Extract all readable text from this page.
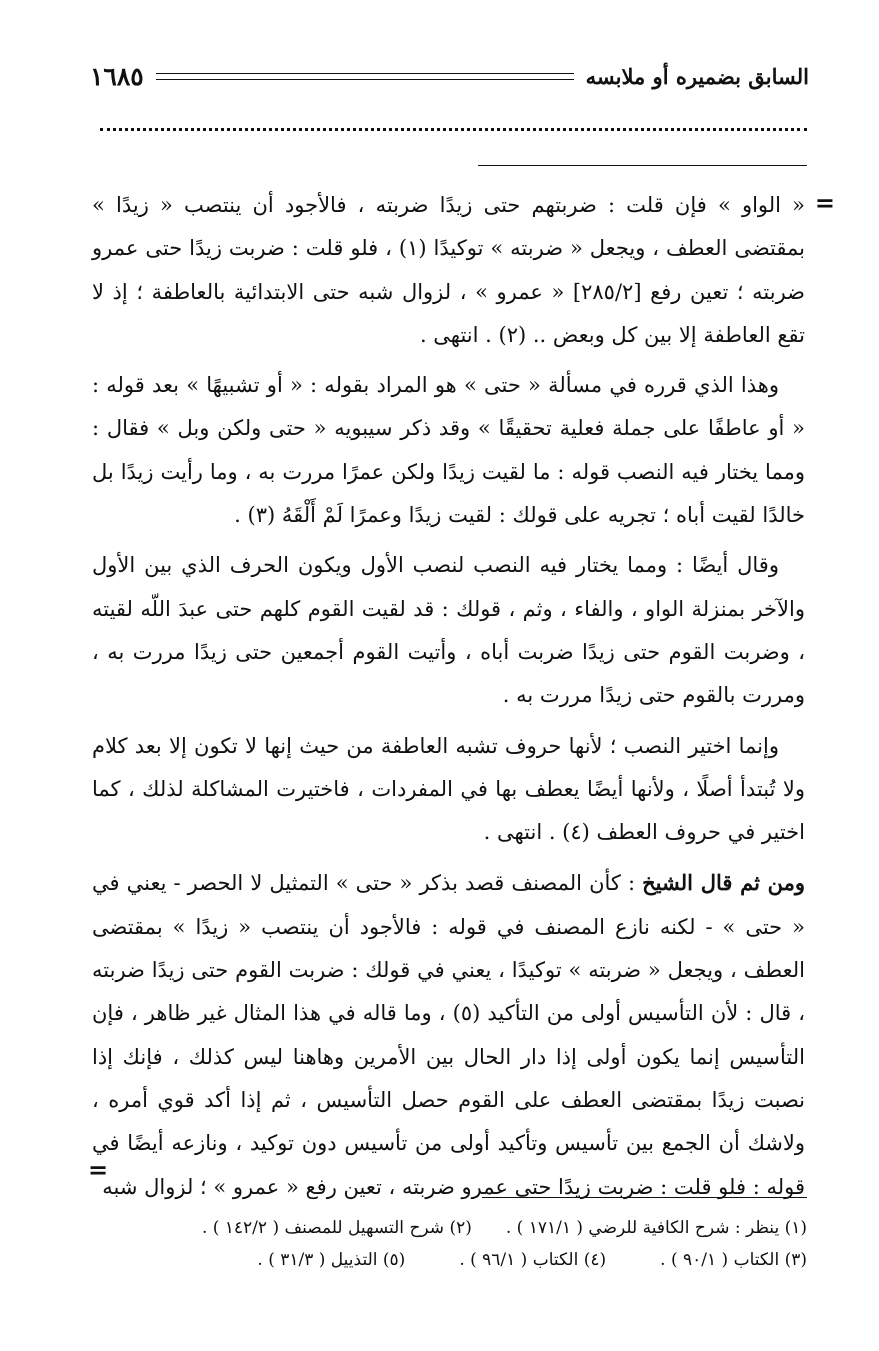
السابق بضميره أو ملابسه
١٦٨٥
=

« الواو » فإن قلت : ضربتهم حتى زيدًا ضربته ، فالأجود أن ينتصب « زيدًا » بمقتضى العطف ، ويجعل « ضربته » توكيدًا (١) ، فلو قلت : ضربت زيدًا حتى عمرو ضربته ؛ تعين رفع [٢٨٥/٢] « عمرو » ، لزوال شبه حتى الابتدائية بالعاطفة ؛ إذ لا تقع العاطفة إلا بين كل وبعض .. (٢) . انتهى .

وهذا الذي قرره في مسألة « حتى » هو المراد بقوله : « أو تشبيهًا » بعد قوله : « أو عاطفًا على جملة فعلية تحقيقًا » وقد ذكر سيبويه « حتى ولكن وبل » فقال : ومما يختار فيه النصب قوله : ما لقيت زيدًا ولكن عمرًا مررت به ، وما رأيت زيدًا بل خالدًا لقيت أباه ؛ تجريه على قولك : لقيت زيدًا وعمرًا لَمْ أَلْقَهُ (٣) .

وقال أيضًا : ومما يختار فيه النصب لنصب الأول ويكون الحرف الذي بين الأول والآخر بمنزلة الواو ، والفاء ، وثم ، قولك : قد لقيت القوم كلهم حتى عبدَ اللّه لقيته ، وضربت القوم حتى زيدًا ضربت أباه ، وأتيت القوم أجمعين حتى زيدًا مررت به ، ومررت بالقوم حتى زيدًا مررت به .

وإنما اختير النصب ؛ لأنها حروف تشبه العاطفة من حيث إنها لا تكون إلا بعد كلام ولا تُبتدأ أصلًا ، ولأنها أيضًا يعطف بها في المفردات ، فاختيرت المشاكلة لذلك ، كما اختير في حروف العطف (٤) . انتهى .

ومن ثم قال الشيخ : كأن المصنف قصد بذكر « حتى » التمثيل لا الحصر - يعني في « حتى » - لكنه نازع المصنف في قوله : فالأجود أن ينتصب « زيدًا » بمقتضى العطف ، ويجعل « ضربته » توكيدًا ، يعني في قولك : ضربت القوم حتى زيدًا ضربته ، قال : لأن التأسيس أولى من التأكيد (٥) ، وما قاله في هذا المثال غير ظاهر ، فإن التأسيس إنما يكون أولى إذا دار الحال بين الأمرين وهاهنا ليس كذلك ، فإنك إذا نصبت زيدًا بمقتضى العطف على القوم حصل التأسيس ، ثم إذا أكد قوي أمره ، ولاشك أن الجمع بين تأسيس وتأكيد أولى من تأسيس دون توكيد ، ونازعه أيضًا في قوله : فلو قلت : ضربت زيدًا حتى عمرو ضربته ، تعين رفع « عمرو » ؛ لزوال شبه

=
(١) ينظر : شرح الكافية للرضي ( ١٧١/١ ) .
(٢) شرح التسهيل للمصنف ( ١٤٢/٢ ) .
(٣) الكتاب ( ٩٠/١ ) .
(٤) الكتاب ( ٩٦/١ ) .
(٥) التذييل ( ٣١/٣ ) .
